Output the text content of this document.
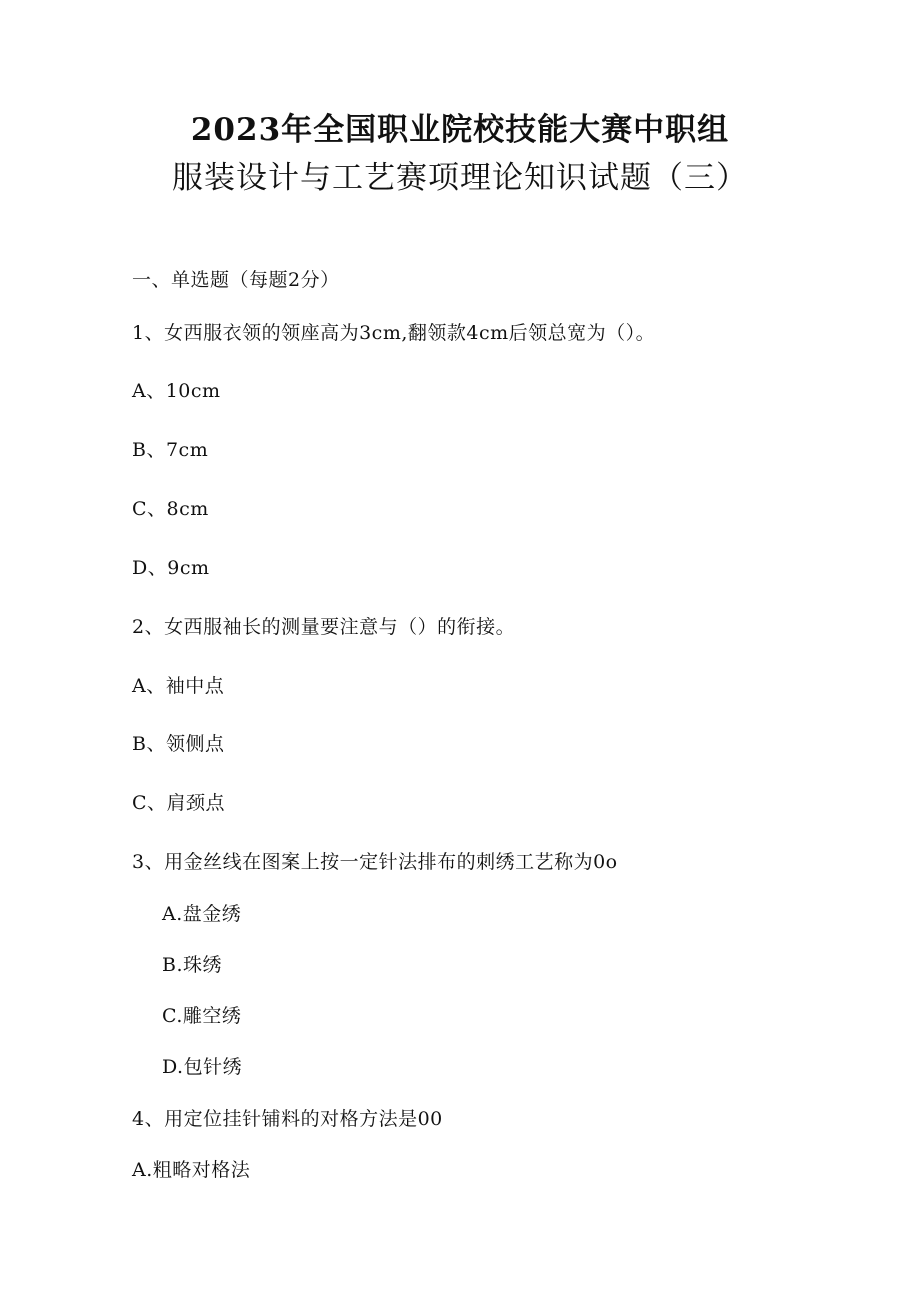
2023年全国职业院校技能大赛中职组
服装设计与工艺赛项理论知识试题（三）
一、单选题（每题2分）
1、女西服衣领的领座高为3cm,翻领款4cm后领总宽为（）。
A、10cm
B、7cm
C、8cm
D、9cm
2、女西服袖长的测量要注意与（）的衔接。
A、袖中点
B、领侧点
C、肩颈点
3、用金丝线在图案上按一定针法排布的刺绣工艺称为0o
A.盘金绣
B.珠绣
C.雕空绣
D.包针绣
4、用定位挂针铺料的对格方法是00
A.粗略对格法
